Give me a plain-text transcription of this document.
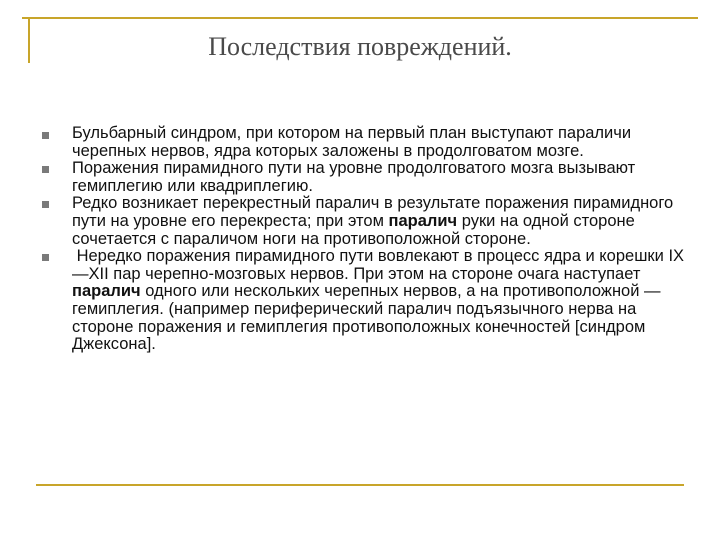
Последствия повреждений.
Бульбарный синдром, при котором на первый план выступают параличи черепных нервов, ядра которых заложены в продолговатом мозге.
Поражения пирамидного пути на уровне продолговатого мозга вызывают гемиплегию или квадриплегию.
Редко возникает перекрестный паралич в результате поражения пирамидного пути на уровне его перекреста; при этом паралич руки на одной стороне сочетается с параличом ноги на противоположной стороне.
Нередко поражения пирамидного пути вовлекают в процесс ядра и корешки IX—XII пар черепно-мозговых нервов. При этом на стороне очага наступает паралич одного или нескольких черепных нервов, а на противоположной — гемиплегия. (например периферический паралич подъязычного нерва на стороне поражения и гемиплегия противоположных конечностей [синдром Джексона].
